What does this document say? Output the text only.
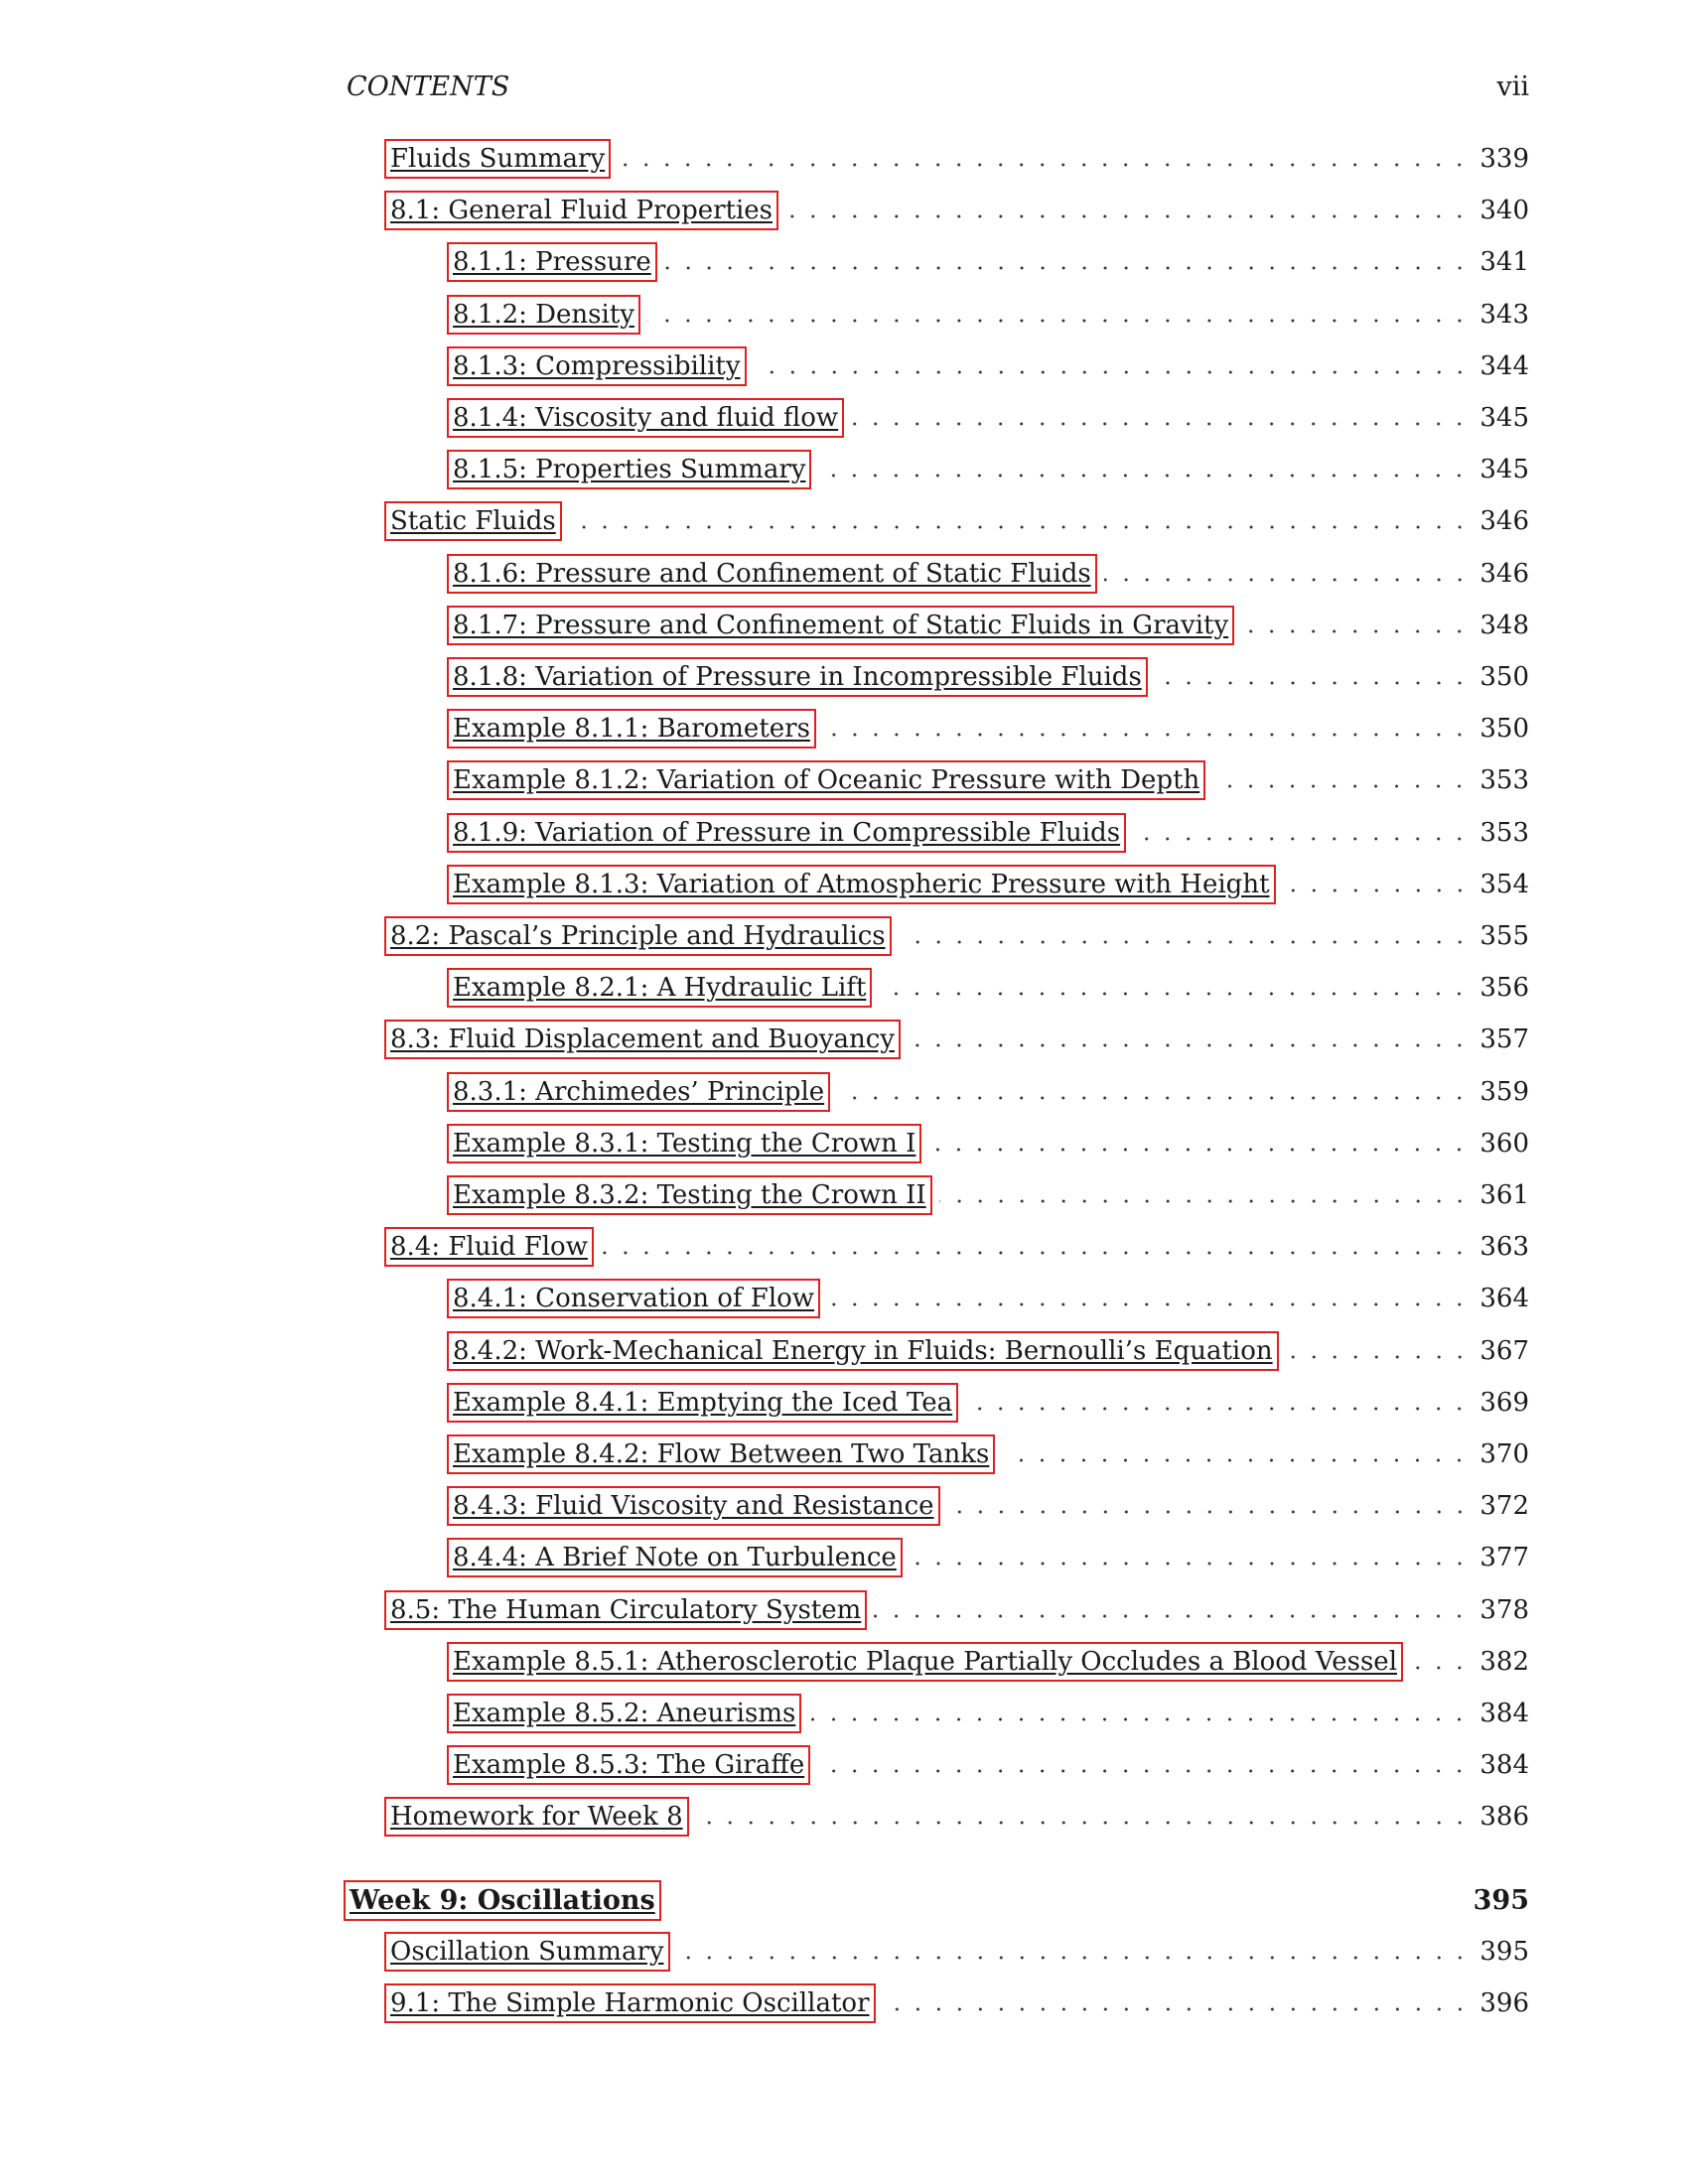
CONTENTS	vii
Fluids Summary	339
8.1: General Fluid Properties	340
8.1.1: Pressure	341
8.1.2: Density	343
8.1.3: Compressibility	344
8.1.4: Viscosity and fluid flow	345
8.1.5: Properties Summary	345
Static Fluids	346
8.1.6: Pressure and Confinement of Static Fluids	346
8.1.7: Pressure and Confinement of Static Fluids in Gravity	348
8.1.8: Variation of Pressure in Incompressible Fluids	350
Example 8.1.1: Barometers	350
Example 8.1.2: Variation of Oceanic Pressure with Depth	353
8.1.9: Variation of Pressure in Compressible Fluids	353
Example 8.1.3: Variation of Atmospheric Pressure with Height	354
8.2: Pascal’s Principle and Hydraulics	355
Example 8.2.1: A Hydraulic Lift	356
8.3: Fluid Displacement and Buoyancy	357
8.3.1: Archimedes’ Principle	359
Example 8.3.1: Testing the Crown I	360
Example 8.3.2: Testing the Crown II	361
8.4: Fluid Flow	363
8.4.1: Conservation of Flow	364
8.4.2: Work-Mechanical Energy in Fluids: Bernoulli’s Equation	367
Example 8.4.1: Emptying the Iced Tea	369
Example 8.4.2: Flow Between Two Tanks	370
8.4.3: Fluid Viscosity and Resistance	372
8.4.4: A Brief Note on Turbulence	377
8.5: The Human Circulatory System	378
Example 8.5.1: Atherosclerotic Plaque Partially Occludes a Blood Vessel	382
Example 8.5.2: Aneurisms	384
Example 8.5.3: The Giraffe	384
Homework for Week 8	386
Week 9: Oscillations	395
Oscillation Summary	395
9.1: The Simple Harmonic Oscillator	396
